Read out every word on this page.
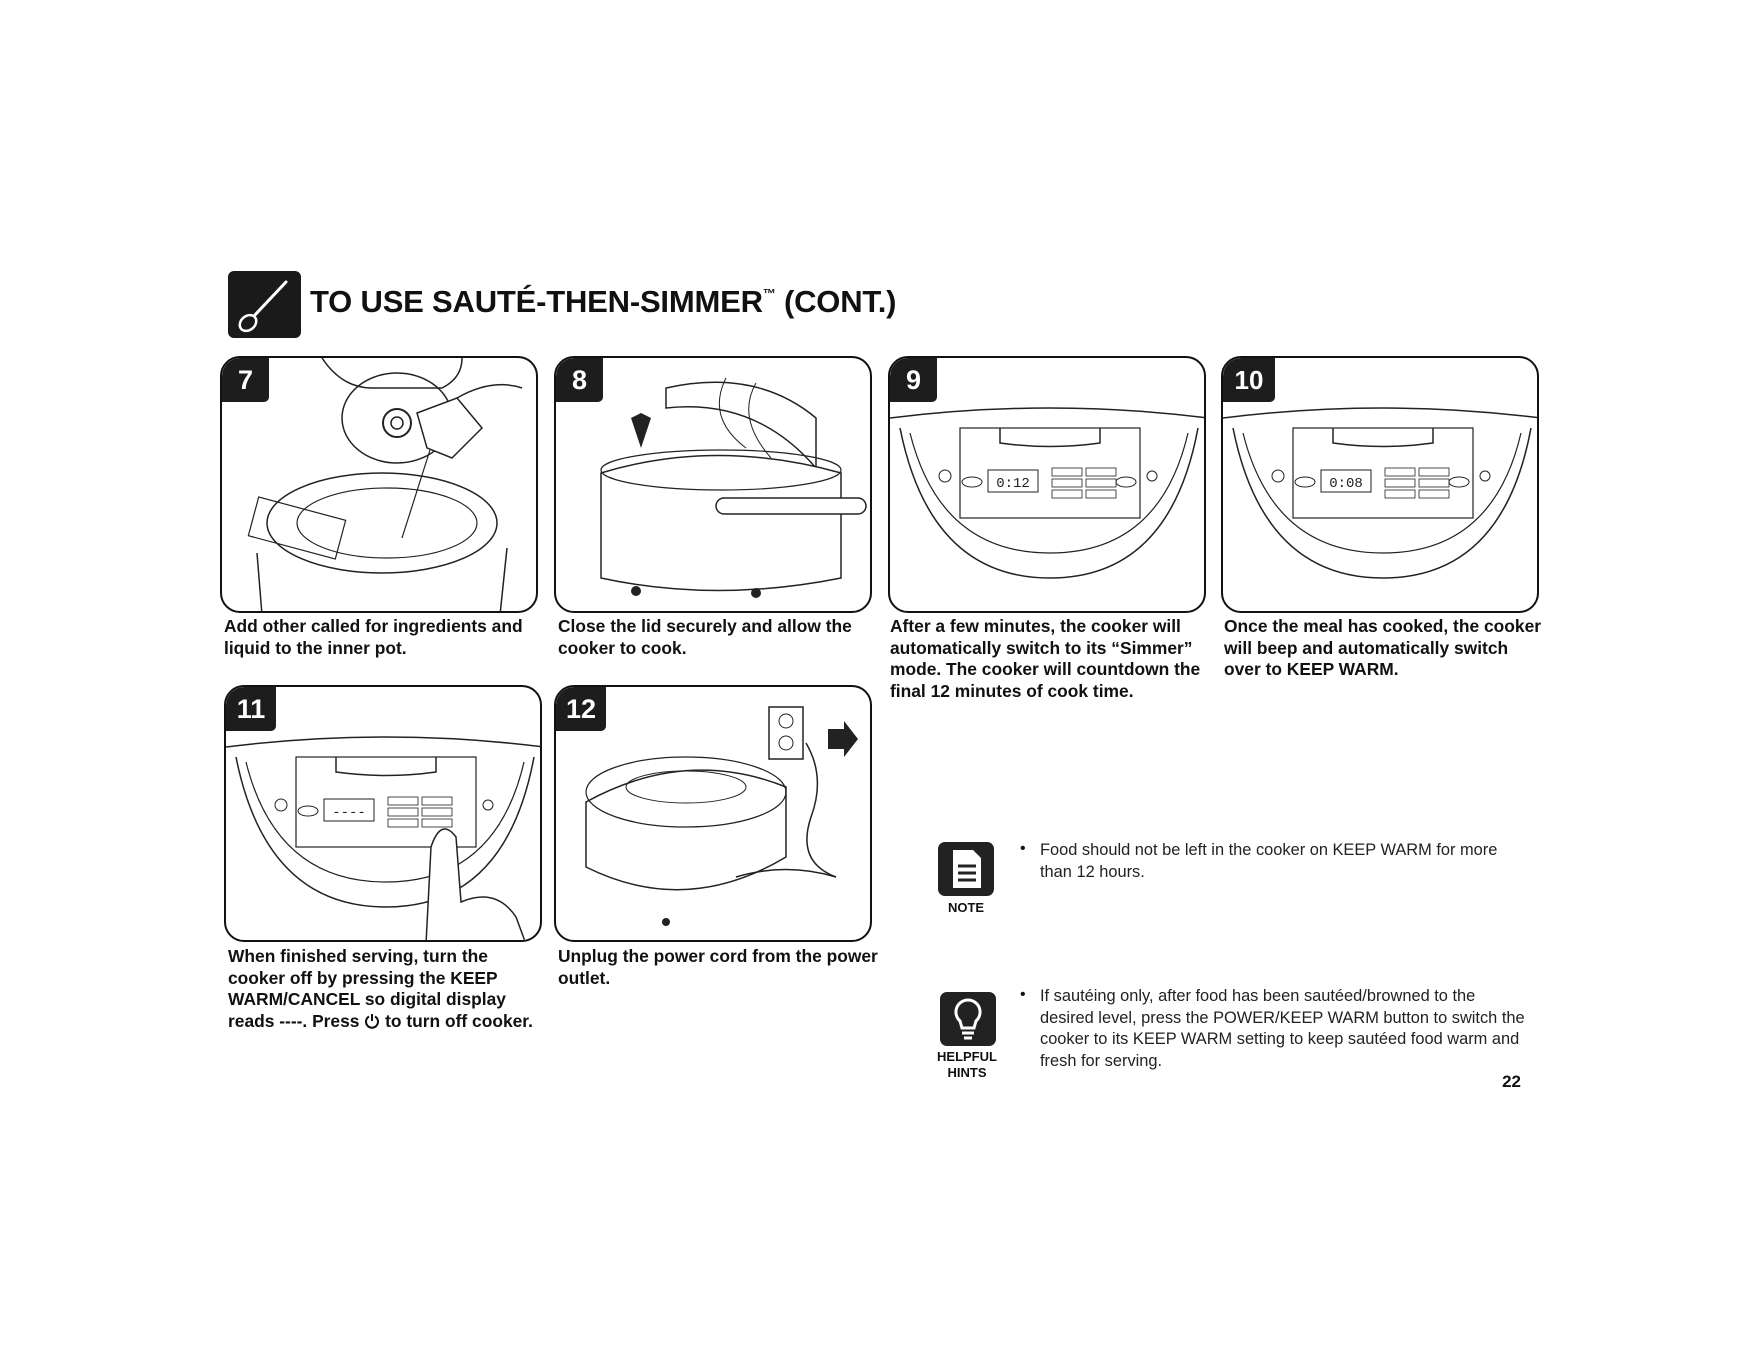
TO USE SAUTÉ-THEN-SIMMER™ (CONT.)
7
Add other called for ingredients and liquid to the inner pot.
8
Close the lid securely and allow the cooker to cook.
9
0:12
After a few minutes, the cooker will automatically switch to its “Simmer” mode. The cooker will countdown the final 12 minutes of cook time.
10
0:08
Once the meal has cooked, the cooker will beep and automatically switch over to KEEP WARM.
11
----
When finished serving, turn the cooker off by pressing the KEEP WARM/CANCEL so digital display reads ----. Press  to turn off cooker.
12
Unplug the power cord from the power outlet.
NOTE
• Food should not be left in the cooker on KEEP WARM for more than 12 hours.
HELPFUL
HINTS
• If sautéing only, after food has been sautéed/browned to the desired level, press the POWER/KEEP WARM button to switch the cooker to its KEEP WARM setting to keep sautéed food warm and fresh for serving.
22
